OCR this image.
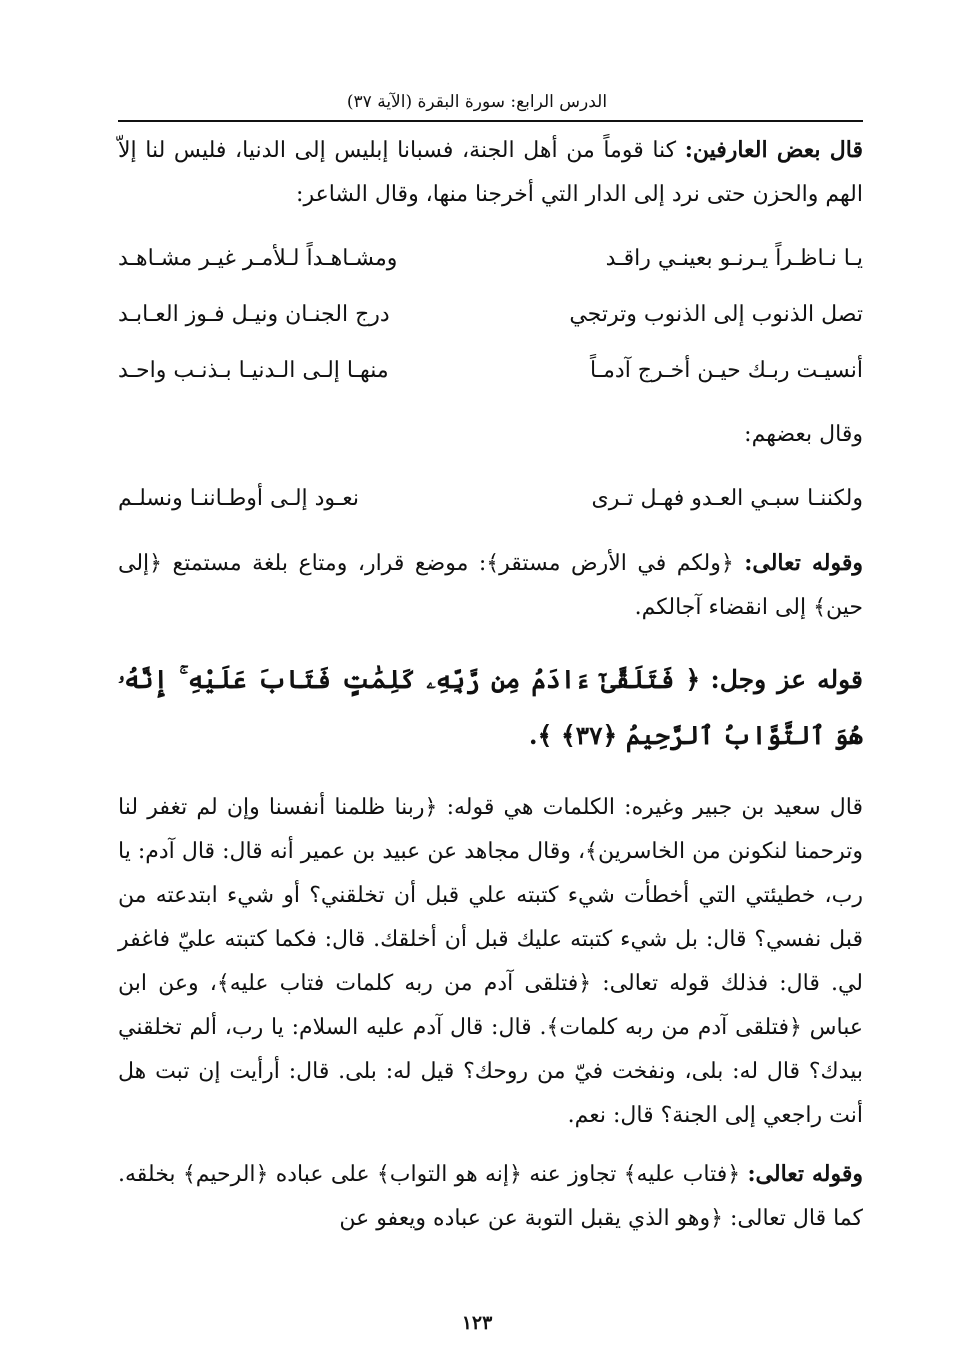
الدرس الرابع: سورة البقرة (الآية ٣٧)

قال بعض العارفين: كنا قوماً من أهل الجنة، فسبانا إبليس إلى الدنيا، فليس لنا إلاّ الهم والحزن حتى نرد إلى الدار التي أخرجنا منها، وقال الشاعر:

يـا نـاظـراً يـرنـو بعينـي راقـد
ومشـاهـداً لـلأمـر غيـر مشـاهـد
تصل الذنوب إلى الذنوب وترتجي
درج الجنـان ونيـل فـوز العـابـد
أنسيـت ربـك حيـن أخـرج آدمـاً
منهـا إلـى الـدنيـا بـذنـب واحـد

وقال بعضهم:

ولكننـا سبـي العـدو فهـل تـرى
نعـود إلـى أوطـاننـا ونسلـم

وقوله تعالى: ﴿ولكم في الأرض مستقر﴾: موضع قرار، ومتاع بلغة مستمتع ﴿إلى حين﴾ إلى انقضاء آجالكم.

قوله عز وجل: ﴿ فَتَلَقَّىٰٓ ءَادَمُ مِن رَّبِّهِۦ كَلِمَٰتٍ فَتَابَ عَلَيْهِ ۚ إِنَّهُۥ هُوَ ٱلتَّوَّابُ ٱلرَّحِيمُ ﴿٣٧﴾ ﴾.

قال سعيد بن جبير وغيره: الكلمات هي قوله: ﴿ربنا ظلمنا أنفسنا وإن لم تغفر لنا وترحمنا لنكونن من الخاسرين﴾، وقال مجاهد عن عبيد بن عمير أنه قال: قال آدم: يا رب، خطيئتي التي أخطأت شيء كتبته علي قبل أن تخلقني؟ أو شيء ابتدعته من قبل نفسي؟ قال: بل شيء كتبته عليك قبل أن أخلقك. قال: فكما كتبته عليّ فاغفر لي. قال: فذلك قوله تعالى: ﴿فتلقى آدم من ربه كلمات فتاب عليه﴾، وعن ابن عباس ﴿فتلقى آدم من ربه كلمات﴾. قال: قال آدم عليه السلام: يا رب، ألم تخلقني بيدك؟ قال له: بلى، ونفخت فيّ من روحك؟ قيل له: بلى. قال: أرأيت إن تبت هل أنت راجعي إلى الجنة؟ قال: نعم.

وقوله تعالى: ﴿فتاب عليه﴾ تجاوز عنه ﴿إنه هو التواب﴾ على عباده ﴿الرحيم﴾ بخلقه. كما قال تعالى: ﴿وهو الذي يقبل التوبة عن عباده ويعفو عن

١٢٣
